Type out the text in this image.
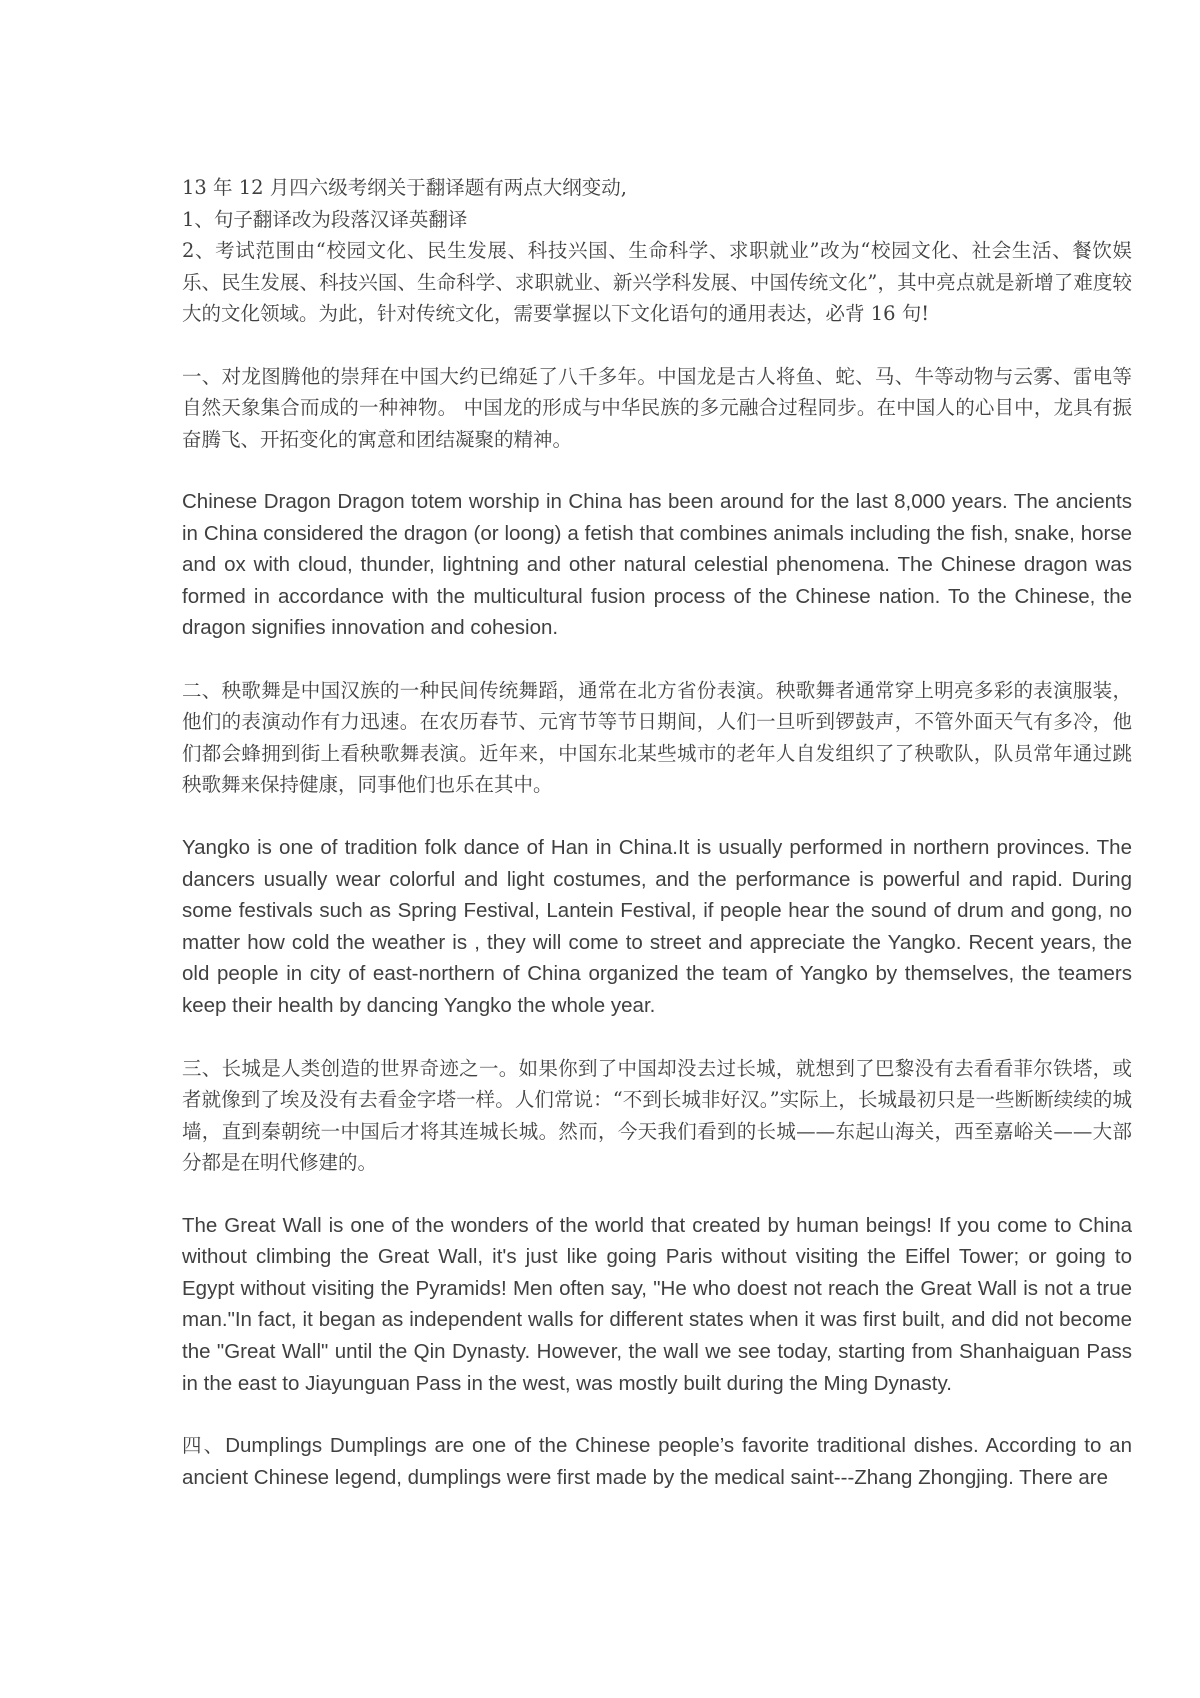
13 年 12 月四六级考纲关于翻译题有两点大纲变动,

1、句子翻译改为段落汉译英翻译

2、考试范围由“校园文化、民生发展、科技兴国、生命科学、求职就业”改为“校园文化、社会生活、餐饮娱乐、民生发展、科技兴国、生命科学、求职就业、新兴学科发展、中国传统文化”，其中亮点就是新增了难度较大的文化领域。为此，针对传统文化，需要掌握以下文化语句的通用表达，必背 16 句!

一、对龙图腾他的崇拜在中国大约已绵延了八千多年。中国龙是古人将鱼、蛇、马、牛等动物与云雾、雷电等自然天象集合而成的一种神物。 中国龙的形成与中华民族的多元融合过程同步。在中国人的心目中，龙具有振奋腾飞、开拓变化的寓意和团结凝聚的精神。

Chinese Dragon Dragon totem worship in China has been around for the last 8,000 years. The ancients in China considered the dragon (or loong) a fetish that combines animals including the fish, snake, horse and ox with cloud, thunder, lightning and other natural celestial phenomena. The Chinese dragon was formed in accordance with the multicultural fusion process of the Chinese nation. To the Chinese, the dragon signifies innovation and cohesion.

二、秧歌舞是中国汉族的一种民间传统舞蹈，通常在北方省份表演。秧歌舞者通常穿上明亮多彩的表演服装，他们的表演动作有力迅速。在农历春节、元宵节等节日期间，人们一旦听到锣鼓声，不管外面天气有多冷，他们都会蜂拥到街上看秧歌舞表演。近年来，中国东北某些城市的老年人自发组织了了秧歌队，队员常年通过跳秧歌舞来保持健康，同事他们也乐在其中。

Yangko is one of tradition folk dance of Han in China.It is usually performed in northern provinces. The dancers usually wear colorful and light costumes, and the performance is powerful and rapid. During some festivals such as Spring Festival, Lantein Festival, if people hear the sound of drum and gong, no matter how cold the weather is , they will come to street and appreciate the Yangko. Recent years, the old people in city of east-northern of China organized the team of Yangko by themselves, the teamers keep their health by dancing Yangko the whole year.

三、长城是人类创造的世界奇迹之一。如果你到了中国却没去过长城，就想到了巴黎没有去看看菲尔铁塔，或者就像到了埃及没有去看金字塔一样。人们常说：“不到长城非好汉。”实际上，长城最初只是一些断断续续的城墙，直到秦朝统一中国后才将其连城长城。然而，今天我们看到的长城——东起山海关，西至嘉峪关——大部分都是在明代修建的。

The Great Wall is one of the wonders of the world that created by human beings! If you come to China without climbing the Great Wall, it's just like going Paris without visiting the Eiffel Tower; or going to Egypt without visiting the Pyramids! Men often say, "He who doest not reach the Great Wall is not a true man."In fact, it began as independent walls for different states when it was first built, and did not become the "Great Wall" until the Qin Dynasty. However, the wall we see today, starting from Shanhaiguan Pass in the east to Jiayunguan Pass in the west, was mostly built during the Ming Dynasty.

四、Dumplings Dumplings are one of the Chinese people’s favorite traditional dishes. According to an ancient Chinese legend, dumplings were first made by the medical saint---Zhang Zhongjing. There are
